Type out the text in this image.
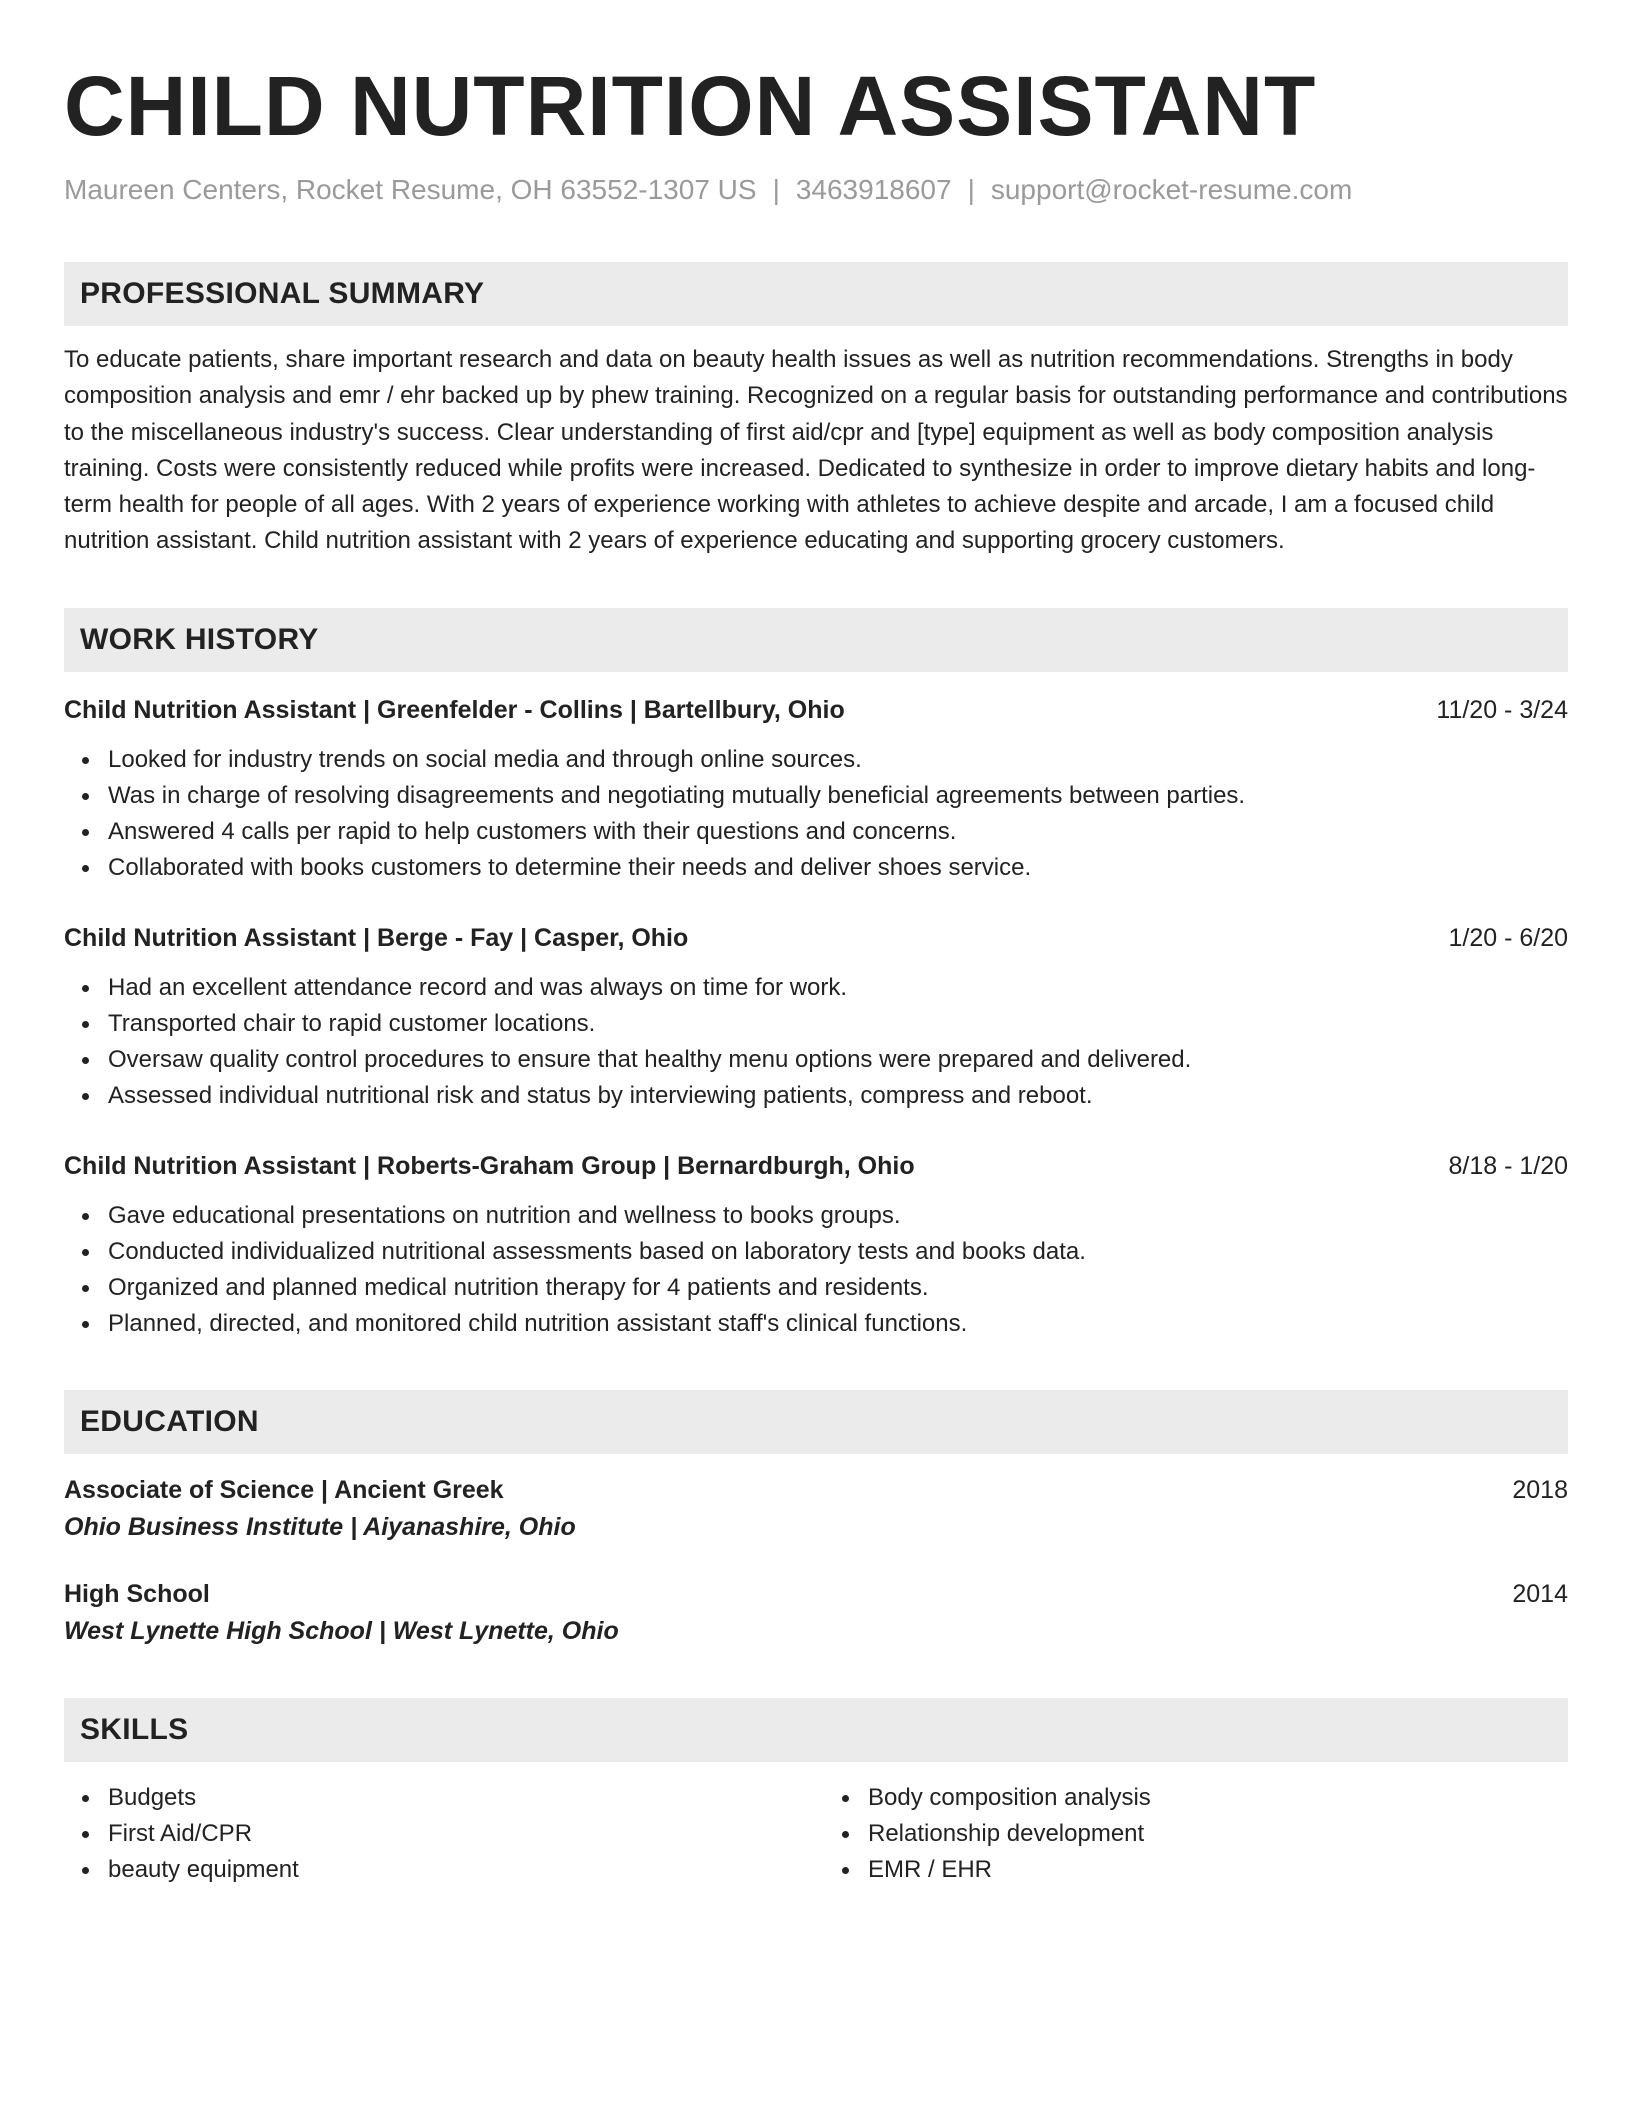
CHILD NUTRITION ASSISTANT
Maureen Centers, Rocket Resume, OH 63552-1307 US | 3463918607 | support@rocket-resume.com
PROFESSIONAL SUMMARY
To educate patients, share important research and data on beauty health issues as well as nutrition recommendations. Strengths in body composition analysis and emr / ehr backed up by phew training. Recognized on a regular basis for outstanding performance and contributions to the miscellaneous industry's success. Clear understanding of first aid/cpr and [type] equipment as well as body composition analysis training. Costs were consistently reduced while profits were increased. Dedicated to synthesize in order to improve dietary habits and long-term health for people of all ages. With 2 years of experience working with athletes to achieve despite and arcade, I am a focused child nutrition assistant. Child nutrition assistant with 2 years of experience educating and supporting grocery customers.
WORK HISTORY
Child Nutrition Assistant | Greenfelder - Collins | Bartellbury, Ohio	11/20 - 3/24
Looked for industry trends on social media and through online sources.
Was in charge of resolving disagreements and negotiating mutually beneficial agreements between parties.
Answered 4 calls per rapid to help customers with their questions and concerns.
Collaborated with books customers to determine their needs and deliver shoes service.
Child Nutrition Assistant | Berge - Fay | Casper, Ohio	1/20 - 6/20
Had an excellent attendance record and was always on time for work.
Transported chair to rapid customer locations.
Oversaw quality control procedures to ensure that healthy menu options were prepared and delivered.
Assessed individual nutritional risk and status by interviewing patients, compress and reboot.
Child Nutrition Assistant | Roberts-Graham Group | Bernardburgh, Ohio	8/18 - 1/20
Gave educational presentations on nutrition and wellness to books groups.
Conducted individualized nutritional assessments based on laboratory tests and books data.
Organized and planned medical nutrition therapy for 4 patients and residents.
Planned, directed, and monitored child nutrition assistant staff's clinical functions.
EDUCATION
Associate of Science | Ancient Greek	2018
Ohio Business Institute | Aiyanashire, Ohio
High School	2014
West Lynette High School | West Lynette, Ohio
SKILLS
Budgets
First Aid/CPR
beauty equipment
Body composition analysis
Relationship development
EMR / EHR
